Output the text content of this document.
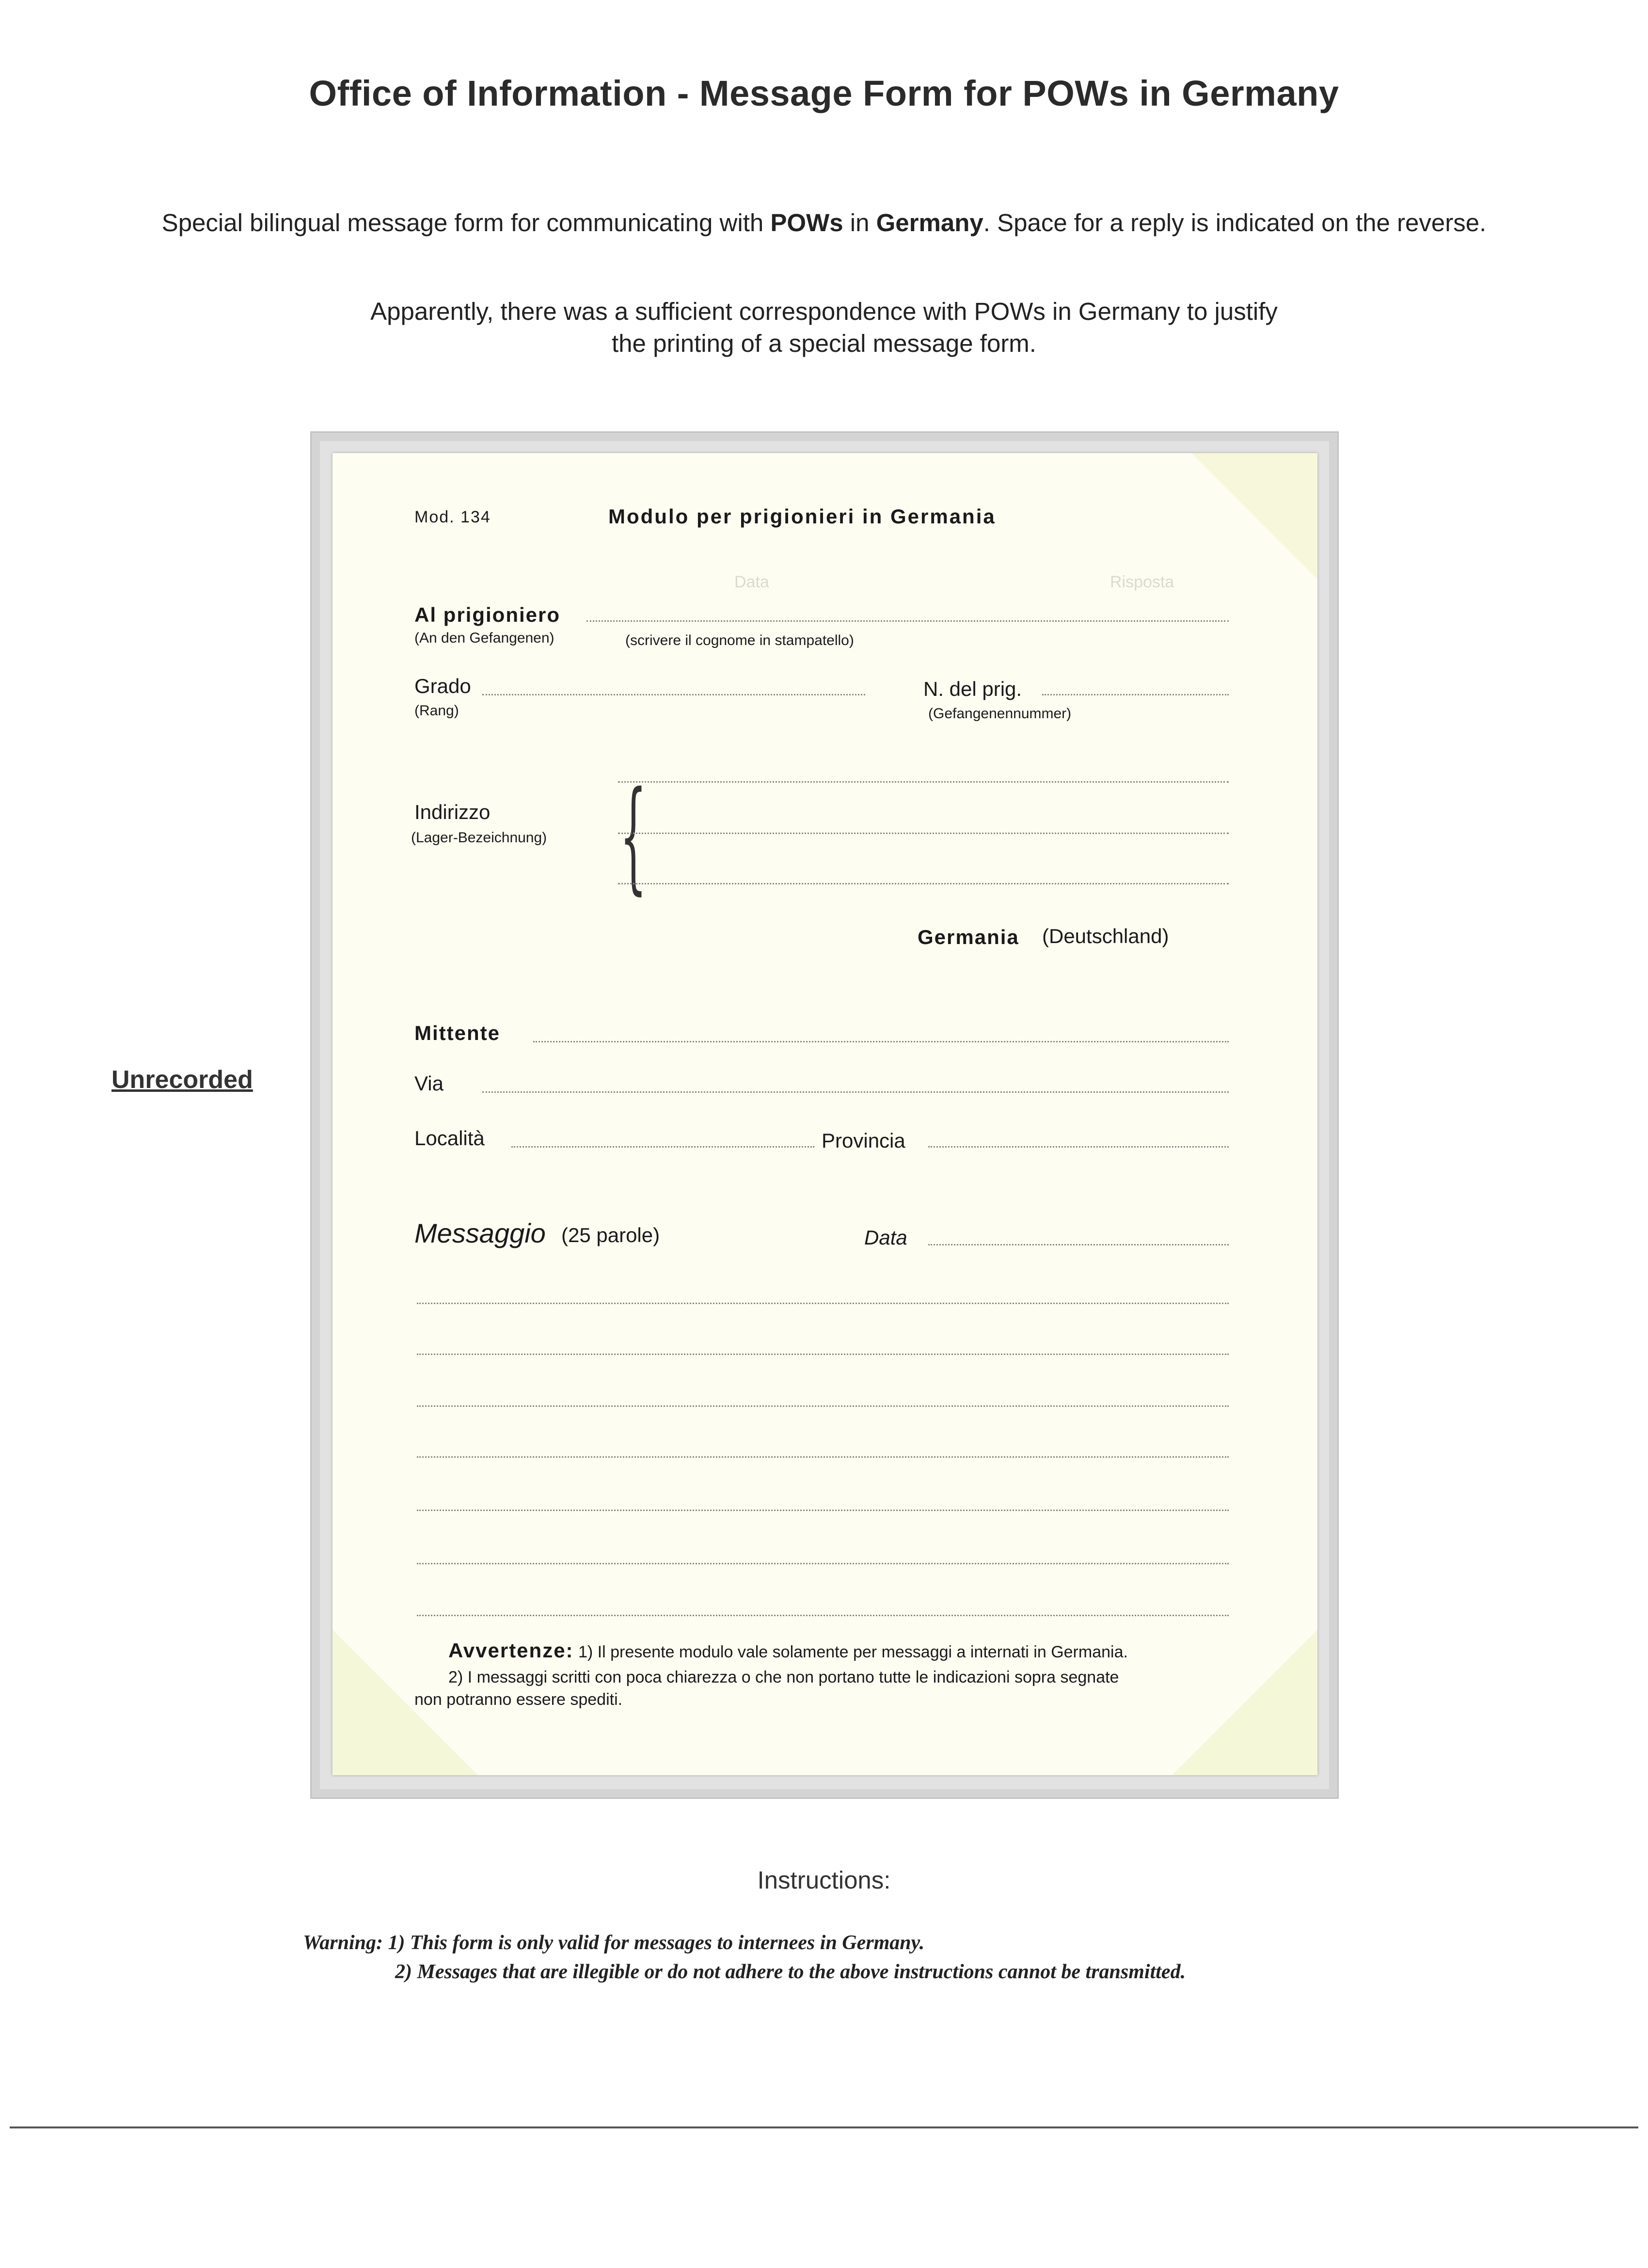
Office of Information - Message Form for POWs in Germany
Special bilingual message form for communicating with POWs in Germany. Space for a reply is indicated on the reverse.
Apparently, there was a sufficient correspondence with POWs in Germany to justify
the printing of a special message form.
Unrecorded
Mod. 134	Modulo per prigionieri in Germania
Data	Risposta
Al prigioniero
(An den Gefangenen)	(scrivere il cognome in stampatello)
Grado
(Rang)
N. del prig.
(Gefangenennummer)
Indirizzo
(Lager-Bezeichnung) {
Germania (Deutschland)
Mittente
Via
Località	Provincia
Messaggio (25 parole)	Data
Avvertenze: 1) Il presente modulo vale solamente per messaggi a internati in Germania.
2) I messaggi scritti con poca chiarezza o che non portano tutte le indicazioni sopra segnate
non potranno essere spediti.
Instructions:
Warning: 1) This form is only valid for messages to internees in Germany.
2) Messages that are illegible or do not adhere to the above instructions cannot be transmitted.
